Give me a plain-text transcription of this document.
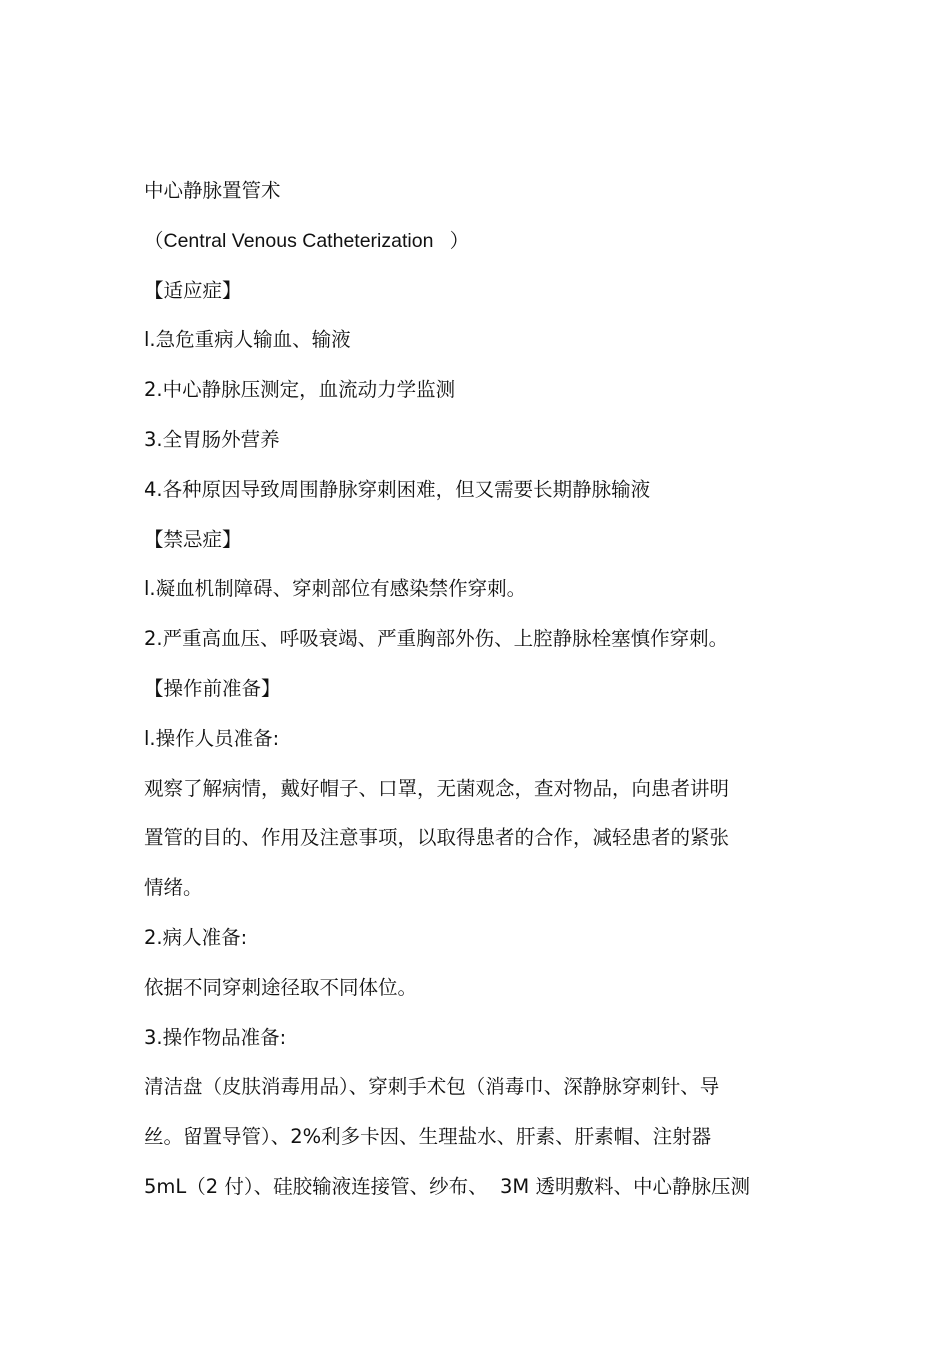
中心静脉置管术
（Central Venous Catheterization   ）
【适应症】
l.急危重病人输血、输液
2.中心静脉压测定，血流动力学监测
3.全胃肠外营养
4.各种原因导致周围静脉穿刺困难，但又需要长期静脉输液
【禁忌症】
l.凝血机制障碍、穿刺部位有感染禁作穿刺。
2.严重高血压、呼吸衰竭、严重胸部外伤、上腔静脉栓塞慎作穿刺。
【操作前准备】
l.操作人员准备:
观察了解病情，戴好帽子、口罩，无菌观念，查对物品，向患者讲明
置管的目的、作用及注意事项，以取得患者的合作，减轻患者的紧张
情绪。
2.病人准备:
依据不同穿刺途径取不同体位。
3.操作物品准备:
清洁盘（皮肤消毒用品）、穿刺手术包（消毒巾、深静脉穿刺针、导
丝。留置导管）、2%利多卡因、生理盐水、肝素、肝素帽、注射器
5mL（2 付）、硅胶输液连接管、纱布、  3M 透明敷料、中心静脉压测
